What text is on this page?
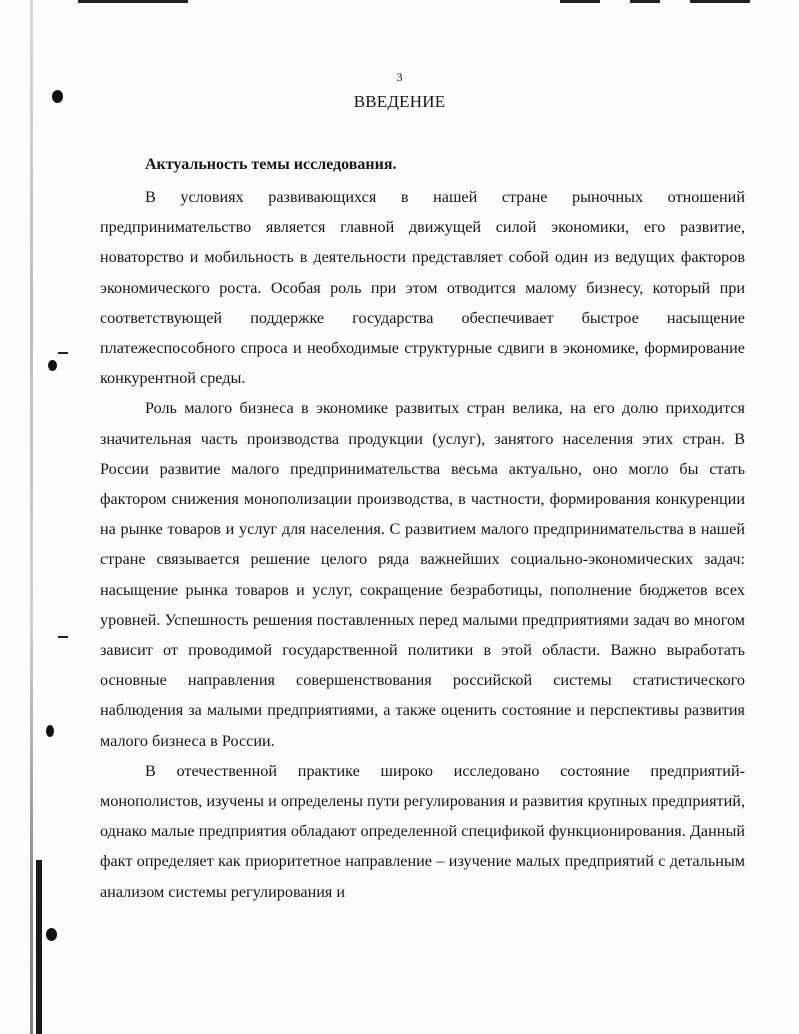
3
ВВЕДЕНИЕ
Актуальность темы исследования.

В условиях развивающихся в нашей стране рыночных отношений предпринимательство является главной движущей силой экономики, его развитие, новаторство и мобильность в деятельности представляет собой один из ведущих факторов экономического роста. Особая роль при этом отводится малому бизнесу, который при соответствующей поддержке государства обеспечивает быстрое насыщение платежеспособного спроса и необходимые структурные сдвиги в экономике, формирование конкурентной среды.

Роль малого бизнеса в экономике развитых стран велика, на его долю приходится значительная часть производства продукции (услуг), занятого населения этих стран. В России развитие малого предпринимательства весьма актуально, оно могло бы стать фактором снижения монополизации производства, в частности, формирования конкуренции на рынке товаров и услуг для населения. С развитием малого предпринимательства в нашей стране связывается решение целого ряда важнейших социально-экономических задач: насыщение рынка товаров и услуг, сокращение безработицы, пополнение бюджетов всех уровней. Успешность решения поставленных перед малыми предприятиями задач во многом зависит от проводимой государственной политики в этой области. Важно выработать основные направления совершенствования российской системы статистического наблюдения за малыми предприятиями, а также оценить состояние и перспективы развития малого бизнеса в России.

В отечественной практике широко исследовано состояние предприятий-монополистов, изучены и определены пути регулирования и развития крупных предприятий, однако малые предприятия обладают определенной спецификой функционирования. Данный факт определяет как приоритетное направление – изучение малых предприятий с детальным анализом системы регулирования и
